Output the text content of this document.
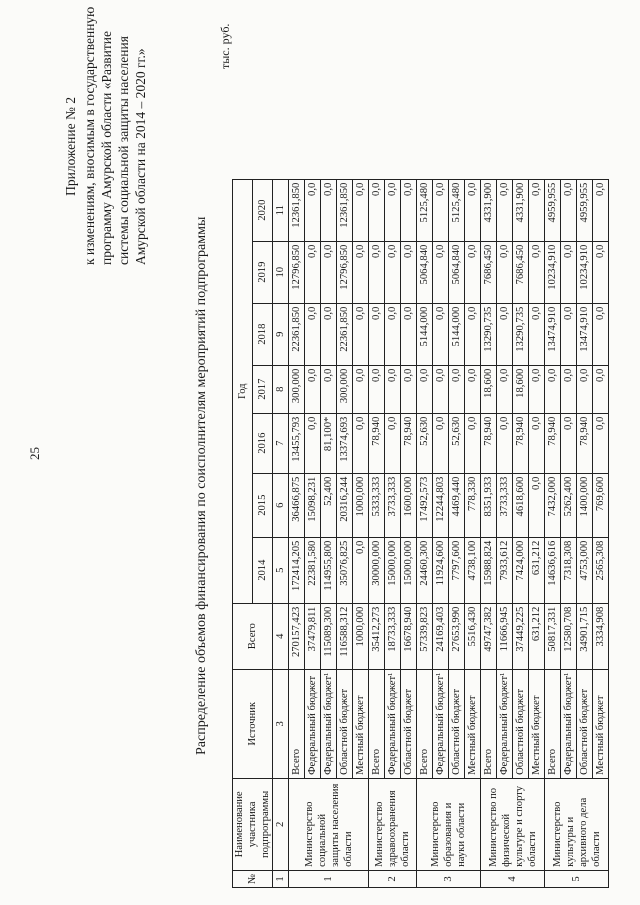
25
Приложение № 2 к изменениям, вносимым в государственную программу Амурской области «Развитие системы социальной защиты населения Амурской области на 2014 – 2020 гг.»
Распределение объемов финансирования по соисполнителям мероприятий подпрограммы
тыс. руб.
№	Наименование участника подпрограммы	Источник	Всего	Год						
				2014	2015	2016	2017	2018	2019	2020
1	2	3	4	5	6	7	8	9	10	11
1	Министерство социальной защиты населения области	Всего	270157,423	172414,205	36466,875	13455,793	300,000	22361,850	12796,850	12361,850
		Федеральный бюджет	37479,811	22381,580	15098,231	0,0	0,0	0,0	0,0	0,0
		Федеральный бюджет¹	115089,300	114955,800	52,400	81,100*	0,0	0,0	0,0	0,0
		Областной бюджет	116588,312	35076,825	20316,244	13374,693	300,000	22361,850	12796,850	12361,850
		Местный бюджет	1000,000	0,0	1000,000	0,0	0,0	0,0	0,0	0,0
2	Министерство здравоохранения области	Всего	35412,273	30000,000	5333,333	78,940	0,0	0,0	0,0	0,0
		Федеральный бюджет¹	18733,333	15000,000	3733,333	0,0	0,0	0,0	0,0	0,0
		Областной бюджет	16678,940	15000,000	1600,000	78,940	0,0	0,0	0,0	0,0
3	Министерство образования и науки области	Всего	57339,823	24460,300	17492,573	52,630	0,0	5144,000	5064,840	5125,480
		Федеральный бюджет¹	24169,403	11924,600	12244,803	0,0	0,0	0,0	0,0	0,0
		Областной бюджет	27653,990	7797,600	4469,440	52,630	0,0	5144,000	5064,840	5125,480
		Местный бюджет	5516,430	4738,100	778,330	0,0	0,0	0,0	0,0	0,0
4	Министерство по физической культуре и спорту области	Всего	49747,382	15988,824	8351,933	78,940	18,600	13290,735	7686,450	4331,900
		Федеральный бюджет¹	11666,945	7933,612	3733,333	0,0	0,0	0,0	0,0	0,0
		Областной бюджет	37449,225	7424,000	4618,600	78,940	18,600	13290,735	7686,450	4331,900
		Местный бюджет	631,212	631,212	0,0	0,0	0,0	0,0	0,0	0,0
5	Министерство культуры и архивного дела области	Всего	50817,331	14636,616	7432,000	78,940	0,0	13474,910	10234,910	4959,955
		Федеральный бюджет¹	12580,708	7318,308	5262,400	0,0	0,0	0,0	0,0	0,0
		Областной бюджет	34901,715	4753,000	1400,000	78,940	0,0	13474,910	10234,910	4959,955
		Местный бюджет	3334,908	2565,308	769,600	0,0	0,0	0,0	0,0	0,0
